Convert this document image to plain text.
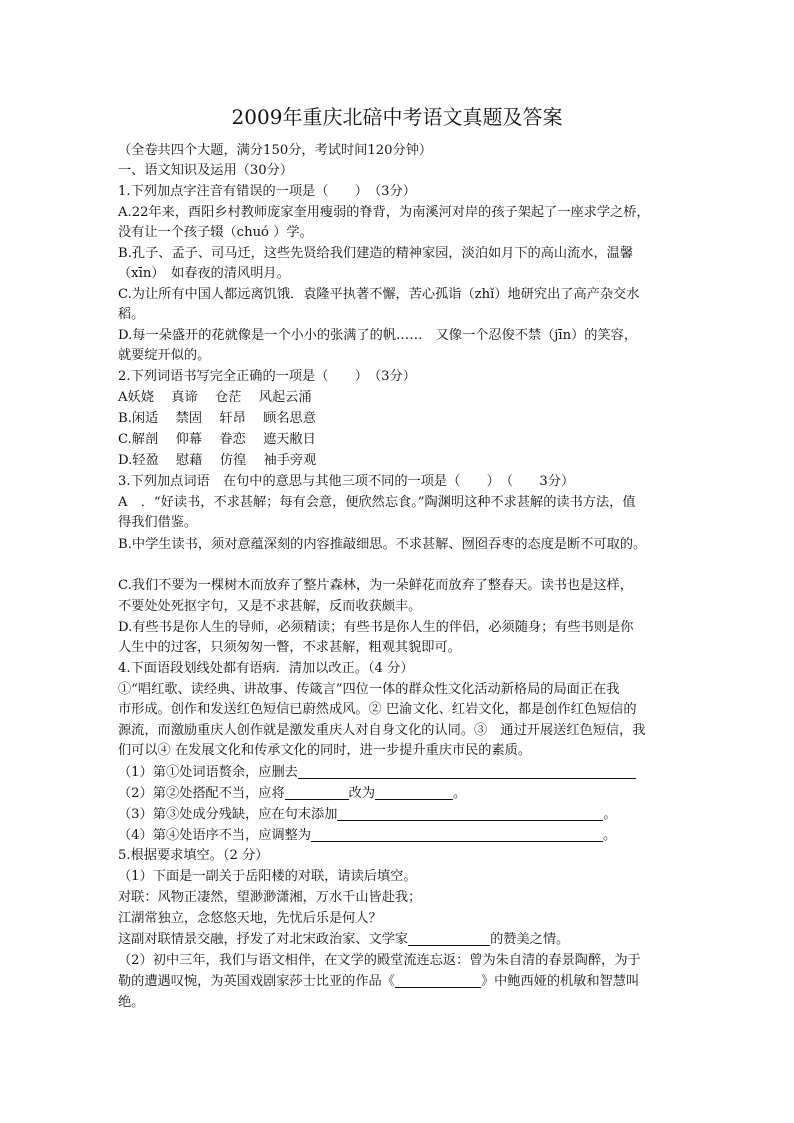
2009年重庆北碚中考语文真题及答案
（全卷共四个大题，满分150分，考试时间120分钟）
一、语文知识及运用（30分）
1.下列加点字注音有错误的一项是（　　）　（3分）
A.22年来，酉阳乡村教师庞家奎用瘦弱的脊背，为南溪河对岸的孩子架起了一座求学之桥，
没有让一个孩子辍（chuó ）学。
B.孔子、孟子、司马迁，这些先贤给我们建造的精神家园，淡泊如月下的高山流水，温馨
（xīn）　如春夜的清风明月。
C.为让所有中国人都远离饥饿．袁隆平执著不懈，苦心孤诣（zhǐ）地研究出了高产杂交水
稻。
D.每一朵盛开的花就像是一个小小的张满了的帆……　又像一个忍俊不禁（jīn）的笑容，
就要绽开似的。
2.下列词语书写完全正确的一项是（　　）　（3分）
A妖娆　 真谛　 仓茫　 风起云涌
B.闲适　 禁固　 轩昂　 顾名思意
C.解剖　 仰幕　 眷恋　 遮天敝日
D.轻盈　 慰藉　 仿徨　 袖手旁观
3.下列加点词语　在句中的意思与其他三项不同的一项是（　　）　（　　3分）
A　．“好读书，不求甚解；每有会意，便欣然忘食。”陶渊明这种不求甚解的读书方法，值
得我们借鉴。
B.中学生读书，须对意蕴深刻的内容推敲细思。不求甚解、囫囵吞枣的态度是断不可取的。
C.我们不要为一棵树木而放弃了整片森林，为一朵鲜花而放弃了整春天。读书也是这样，
不要处处死抠字句，又是不求甚解，反而收获颇丰。
D.有些书是你人生的导师，必须精读；有些书是你人生的伴侣，必须随身；有些书则是你
人生中的过客，只须匆匆一瞥，不求甚解，粗观其貌即可。
4.下面语段划线处都有语病．清加以改正。（4 分）
①“唱红歌、读经典、讲故事、传箴言”四位一体的群众性文化活动新格局的局面正在我
市形成。创作和发送红色短信已蔚然成风。② 巴渝文化、红岩文化，都是创作红色短信的
源流，而激励重庆人创作就是激发重庆人对自身文化的认同。③　通过开展送红色短信，我
们可以④ 在发展文化和传承文化的同时，进一步提升重庆市民的素质。
（1）第①处词语赘余，应删去
（2）第②处搭配不当，应将	改为	。
（3）第③处成分残缺，应在句末添加	。
（4）第④处语序不当，应调整为	。
5.根据要求填空。（2 分）
（1）下面是一副关于岳阳楼的对联，请读后填空。
对联：风物正凄然，望渺渺潇湘，万水千山皆赴我；
江湖常独立，念悠悠天地，先忧后乐是何人？
这副对联情景交融，抒发了对北宋政治家、文学家	的赞美之情。
（2）初中三年，我们与语文相伴，在文学的殿堂流连忘返：曾为朱自清的春景陶醉，为于
勒的遭遇叹惋，为英国戏剧家莎士比亚的作品《	》中鲍西娅的机敏和智慧叫
绝。
